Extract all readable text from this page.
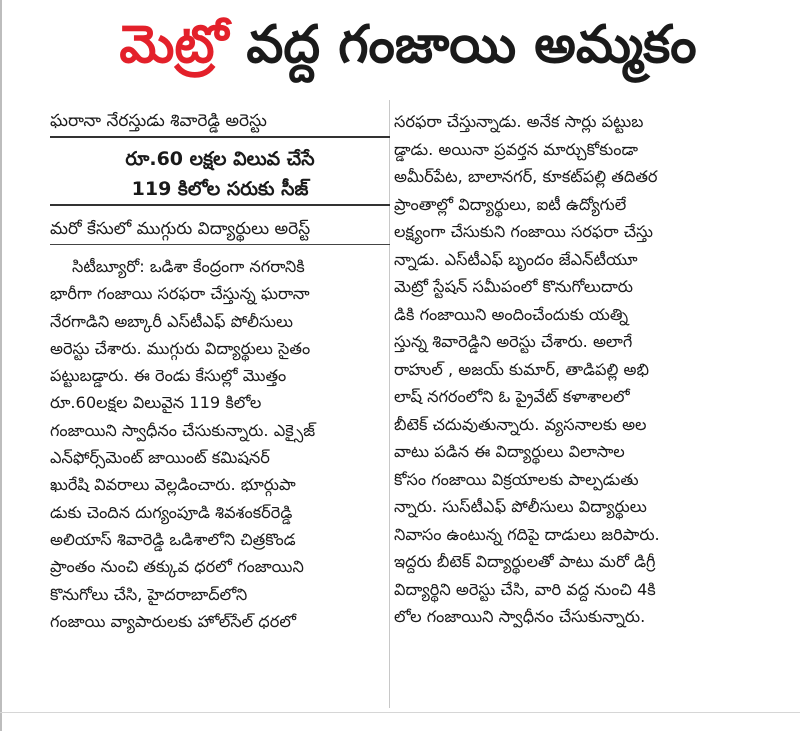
మెట్రో వద్ద గంజాయి అమ్మకం
ఘరానా నేరస్తుడు శివారెడ్డి అరెస్టు
రూ.60 లక్షల విలువ చేసే
119 కిలోల సరుకు సీజ్
మరో కేసులో ముగ్గురు విద్యార్థులు అరెస్ట్
సిటీబ్యూరో: ఒడిశా కేంద్రంగా నగరానికి
భారీగా గంజాయి సరఫరా చేస్తున్న ఘరానా
నేరగాడిని అబ్కారీ ఎస్‌టీఎఫ్ పోలీసులు
అరెస్టు చేశారు. ముగ్గురు విద్యార్థులు సైతం
పట్టుబడ్డారు. ఈ రెండు కేసుల్లో మొత్తం
రూ.60లక్షల విలువైన 119 కిలోల
గంజాయిని స్వాధీనం చేసుకున్నారు. ఎక్సైజ్
ఎన్‌ఫోర్స్‌మెంట్ జాయింట్ కమిషనర్
ఖురేషి వివరాలు వెల్లడించారు. భూర్గుపా
డుకు చెందిన దుగ్యంపూడి శివశంకర్‌రెడ్డి
అలియాస్ శివారెడ్డి ఒడిశాలోని చిత్రకొండ
ప్రాంతం నుంచి తక్కువ ధరలో గంజాయిని
కొనుగోలు చేసి, హైదరాబాద్‌లోని
గంజాయి వ్యాపారులకు హోల్‌సేల్ ధరలో
సరఫరా చేస్తున్నాడు. అనేక సార్లు పట్టుబ
డ్డాడు. అయినా ప్రవర్తన మార్చుకోకుండా
అమీర్‌పేట, బాలానగర్, కూకట్‌పల్లి తదితర
ప్రాంతాల్లో విద్యార్థులు, ఐటీ ఉద్యోగులే
లక్ష్యంగా చేసుకుని గంజాయి సరఫరా చేస్తు
న్నాడు. ఎస్‌టీఎఫ్ బృందం జేఎన్‌టీయూ
మెట్రో స్టేషన్ సమీపంలో కొనుగోలుదారు
డికి గంజాయిని అందించేందుకు యత్ని
స్తున్న శివారెడ్డిని అరెస్టు చేశారు. అలాగే
రాహుల్ , అజయ్ కుమార్, తాడిపల్లి అభి
లాష్ నగరంలోని ఓ ప్రైవేట్ కళాశాలలో
బీటెక్ చదువుతున్నారు. వ్యసనాలకు అల
వాటు పడిన ఈ విద్యార్థులు విలాసాల
కోసం గంజాయి విక్రయాలకు పాల్పడుతు
న్నారు. సుస్‌టీఎఫ్ పోలీసులు విద్యార్థులు
నివాసం ఉంటున్న గదిపై దాడులు జరిపారు.
ఇద్దరు బీటెక్ విద్యార్థులతో పాటు మరో డిగ్రీ
విద్యార్థిని అరెస్టు చేసి, వారి వద్ద నుంచి 4కి
లోల గంజాయిని స్వాధీనం చేసుకున్నారు.
